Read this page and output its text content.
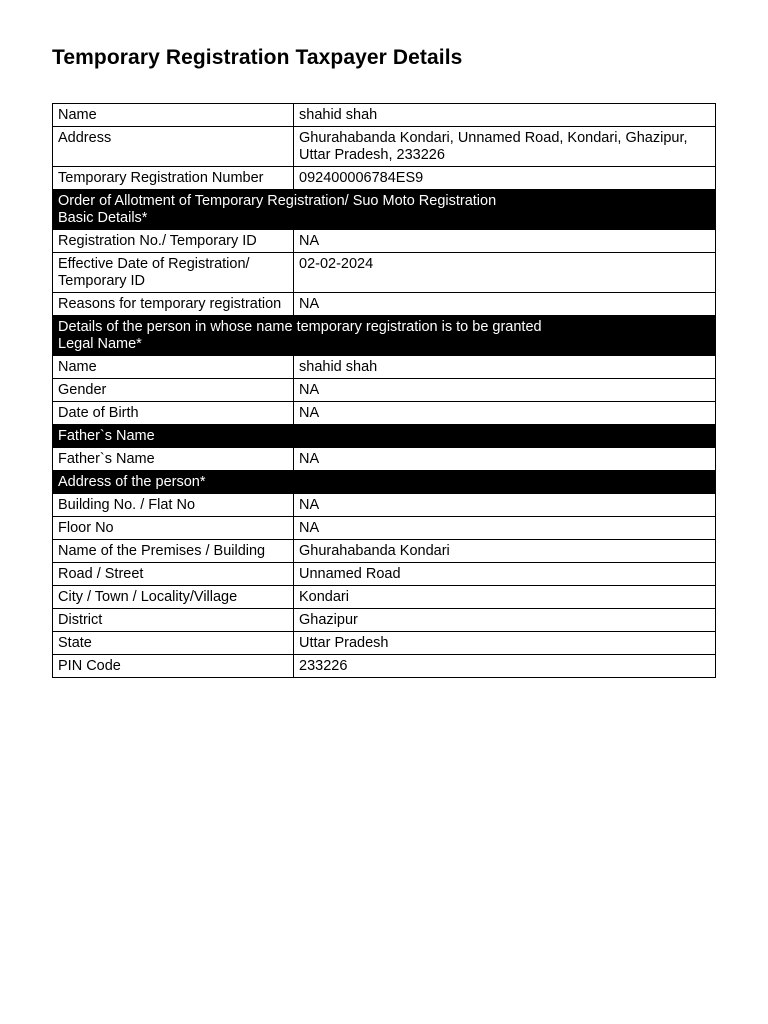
Temporary Registration Taxpayer Details
Name	shahid shah
Address	Ghurahabanda Kondari, Unnamed Road, Kondari, Ghazipur, Uttar Pradesh, 233226
Temporary Registration Number	092400006784ES9

Order of Allotment of Temporary Registration/ Suo Moto Registration
Basic Details*	

Registration No./ Temporary ID	NA
Effective Date of Registration/ Temporary ID	02-02-2024
Reasons for temporary registration	NA

Details of the person in whose name temporary registration is to be granted
Legal Name*	

Name	shahid shah
Gender	NA
Date of Birth	NA
Father`s Name	
Father`s Name	NA
Address of the person*	
Building No. / Flat No	NA
Floor No	NA
Name of the Premises / Building	Ghurahabanda Kondari
Road / Street	Unnamed Road
City / Town / Locality/Village	Kondari
District	Ghazipur
State	Uttar Pradesh
PIN Code	233226
